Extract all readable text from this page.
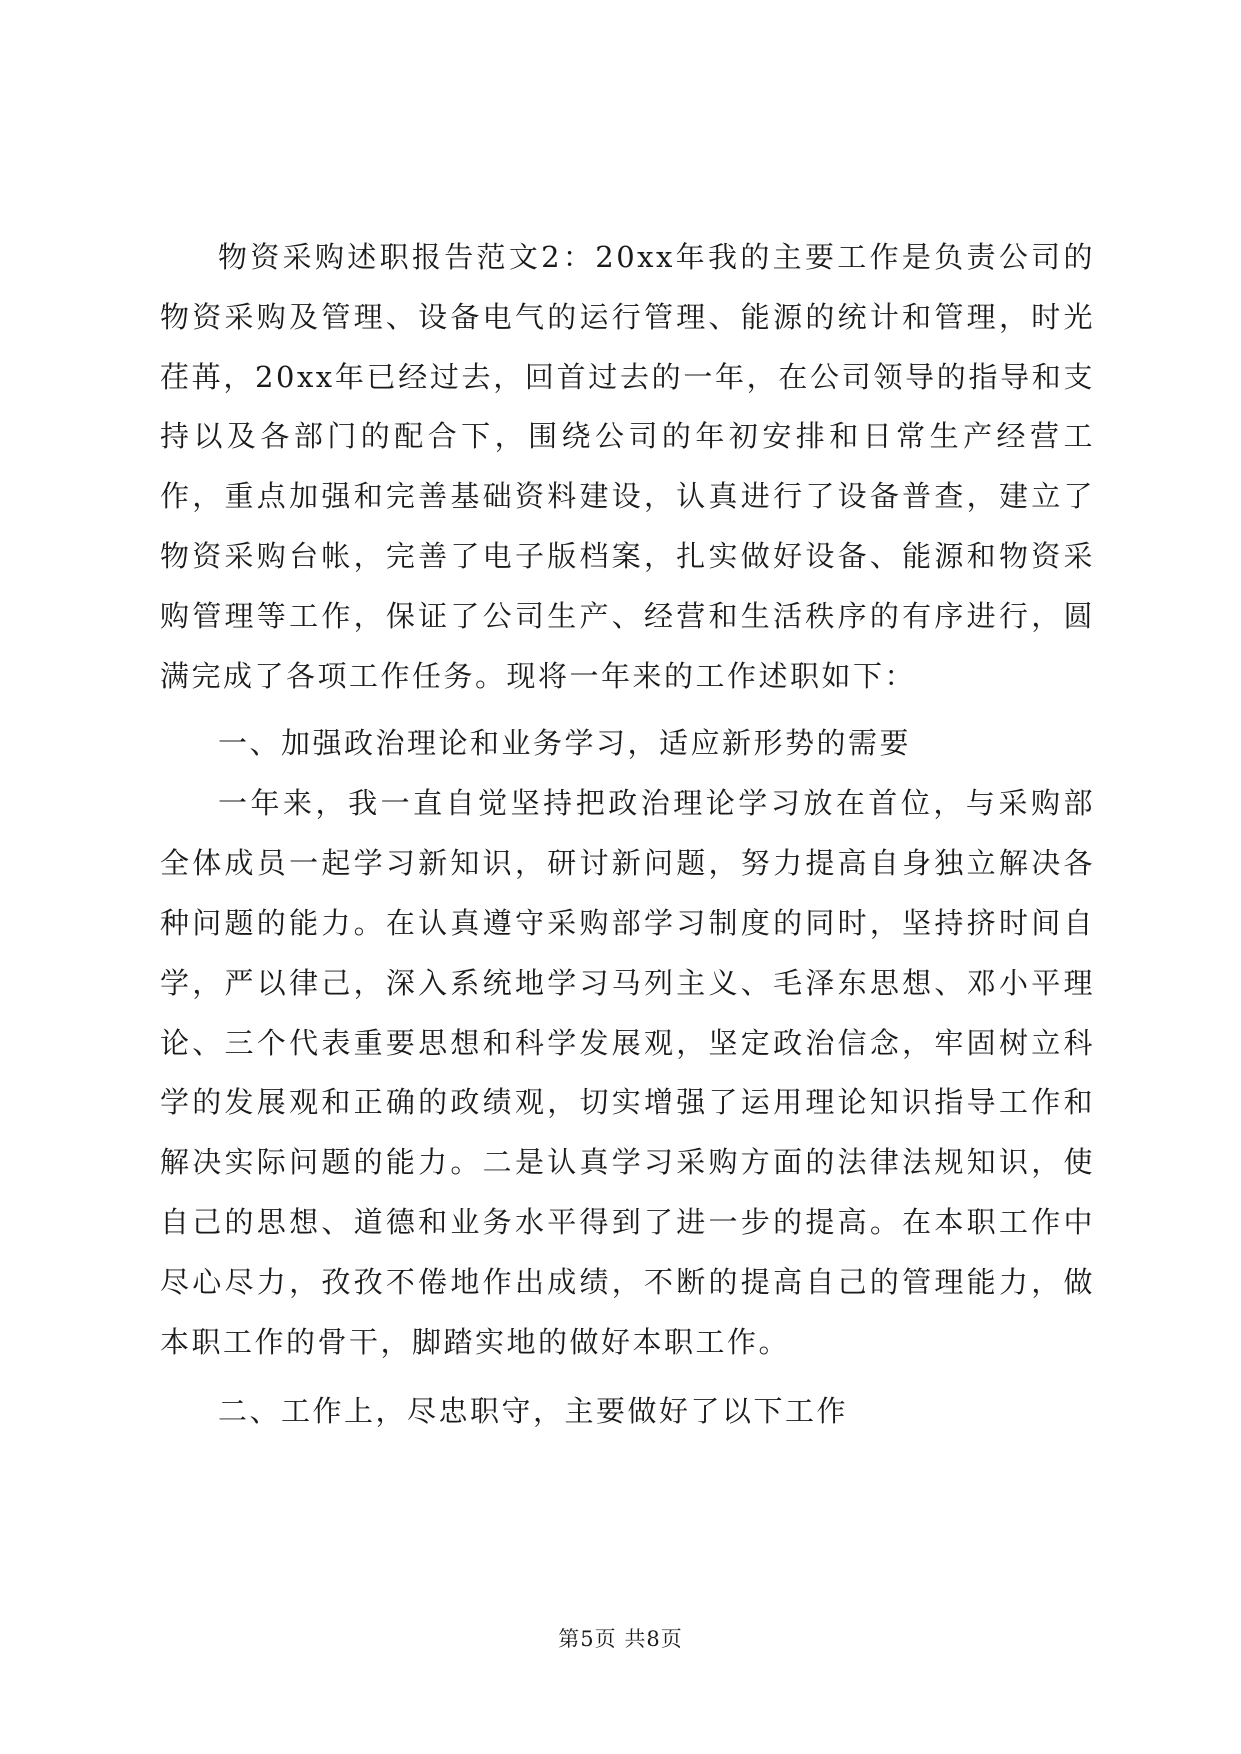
物资采购述职报告范文2：20xx年我的主要工作是负责公司的物资采购及管理、设备电气的运行管理、能源的统计和管理，时光荏苒，20xx年已经过去，回首过去的一年，在公司领导的指导和支持以及各部门的配合下，围绕公司的年初安排和日常生产经营工作，重点加强和完善基础资料建设，认真进行了设备普查，建立了物资采购台帐，完善了电子版档案，扎实做好设备、能源和物资采购管理等工作，保证了公司生产、经营和生活秩序的有序进行，圆满完成了各项工作任务。现将一年来的工作述职如下：

一、加强政治理论和业务学习，适应新形势的需要

一年来，我一直自觉坚持把政治理论学习放在首位，与采购部全体成员一起学习新知识，研讨新问题，努力提高自身独立解决各种问题的能力。在认真遵守采购部学习制度的同时，坚持挤时间自学，严以律己，深入系统地学习马列主义、毛泽东思想、邓小平理论、三个代表重要思想和科学发展观，坚定政治信念，牢固树立科学的发展观和正确的政绩观，切实增强了运用理论知识指导工作和解决实际问题的能力。二是认真学习采购方面的法律法规知识，使自己的思想、道德和业务水平得到了进一步的提高。在本职工作中尽心尽力，孜孜不倦地作出成绩，不断的提高自己的管理能力，做本职工作的骨干，脚踏实地的做好本职工作。

二、工作上，尽忠职守，主要做好了以下工作

第5页 共8页
